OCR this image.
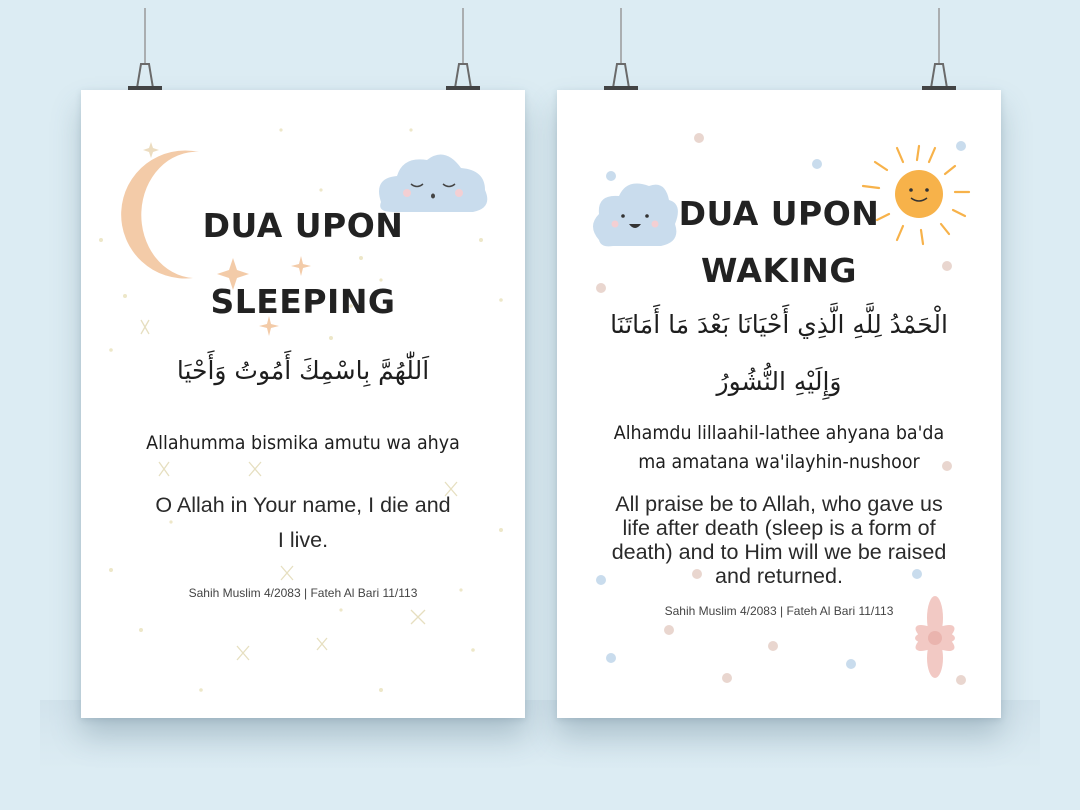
DUA UPON
SLEEPING
اَللّٰهُمَّ بِاسْمِكَ أَمُوتُ وَأَحْيَا
Allahumma bismika amutu wa ahya
O Allah in Your name, I die and
I live.
Sahih Muslim 4/2083 | Fateh Al Bari 11/113
DUA UPON
WAKING
الْحَمْدُ لِلَّهِ الَّذِي أَحْيَانَا بَعْدَ مَا أَمَاتَنَا
وَإِلَيْهِ النُّشُورُ
Alhamdu lillaahil-lathee ahyana ba'da
ma amatana wa'ilayhin-nushoor
All praise be to Allah, who gave us
life after death (sleep is a form of
death) and to Him will we be raised
and returned.
Sahih Muslim 4/2083 | Fateh Al Bari 11/113
